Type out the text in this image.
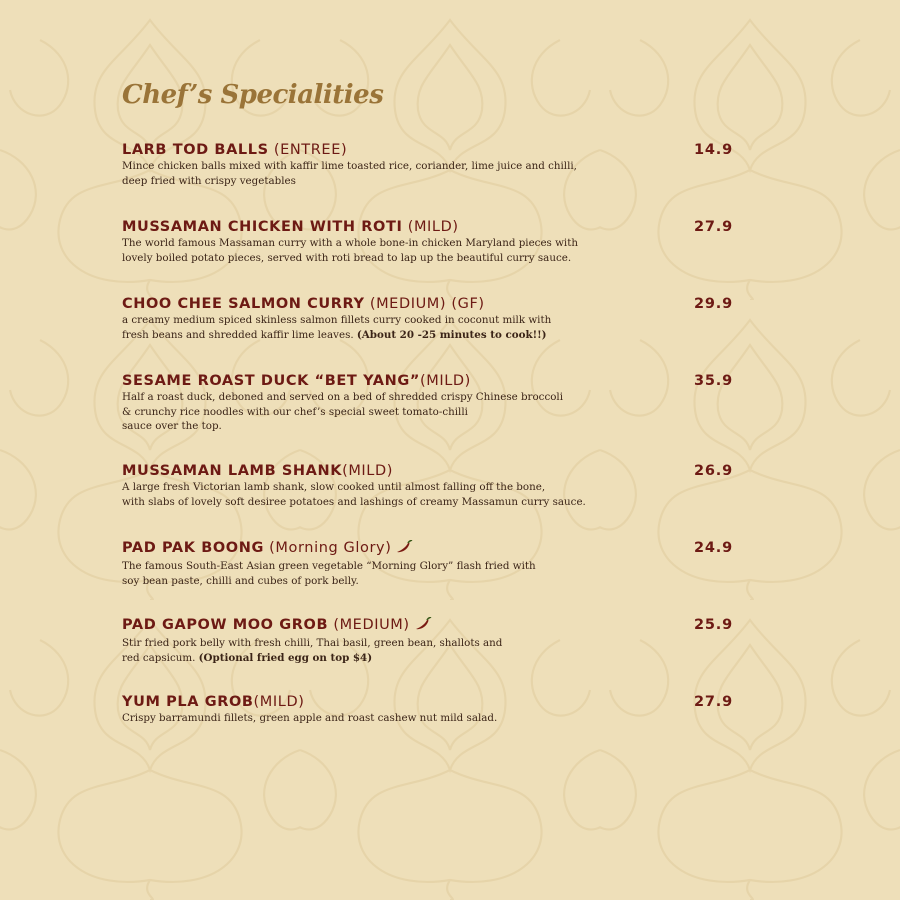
Chef’s Specialities
LARB TOD BALLS (ENTREE)	14.9
Mince chicken balls mixed with kaffir lime toasted rice, coriander, lime juice and chilli,
deep fried with crispy vegetables
MUSSAMAN CHICKEN WITH ROTI (MILD)	27.9
The world famous Massaman curry with a whole bone-in chicken Maryland pieces with
lovely boiled potato pieces, served with roti bread to lap up the beautiful curry sauce.
CHOO CHEE SALMON CURRY (MEDIUM) (GF)	29.9
a creamy medium spiced skinless salmon fillets curry cooked in coconut milk with
fresh beans and shredded kaffir lime leaves. (About 20 -25 minutes to cook!!)
SESAME ROAST DUCK “BET YANG”(MILD)	35.9
Half a roast duck, deboned and served on a bed of shredded crispy Chinese broccoli
& crunchy rice noodles with our chef’s special sweet tomato-chilli
sauce over the top.
MUSSAMAN LAMB SHANK(MILD)	26.9
A large fresh Victorian lamb shank, slow cooked until almost falling off the bone,
with slabs of lovely soft desiree potatoes and lashings of creamy Massamun curry sauce.
PAD PAK BOONG (Morning Glory)	24.9
The famous South-East Asian green vegetable “Morning Glory” flash fried with
soy bean paste, chilli and cubes of pork belly.
PAD GAPOW MOO GROB (MEDIUM)	25.9
Stir fried pork belly with fresh chilli, Thai basil, green bean, shallots and
red capsicum. (Optional fried egg on top $4)
YUM PLA GROB(MILD)	27.9
Crispy barramundi fillets, green apple and roast cashew nut mild salad.
